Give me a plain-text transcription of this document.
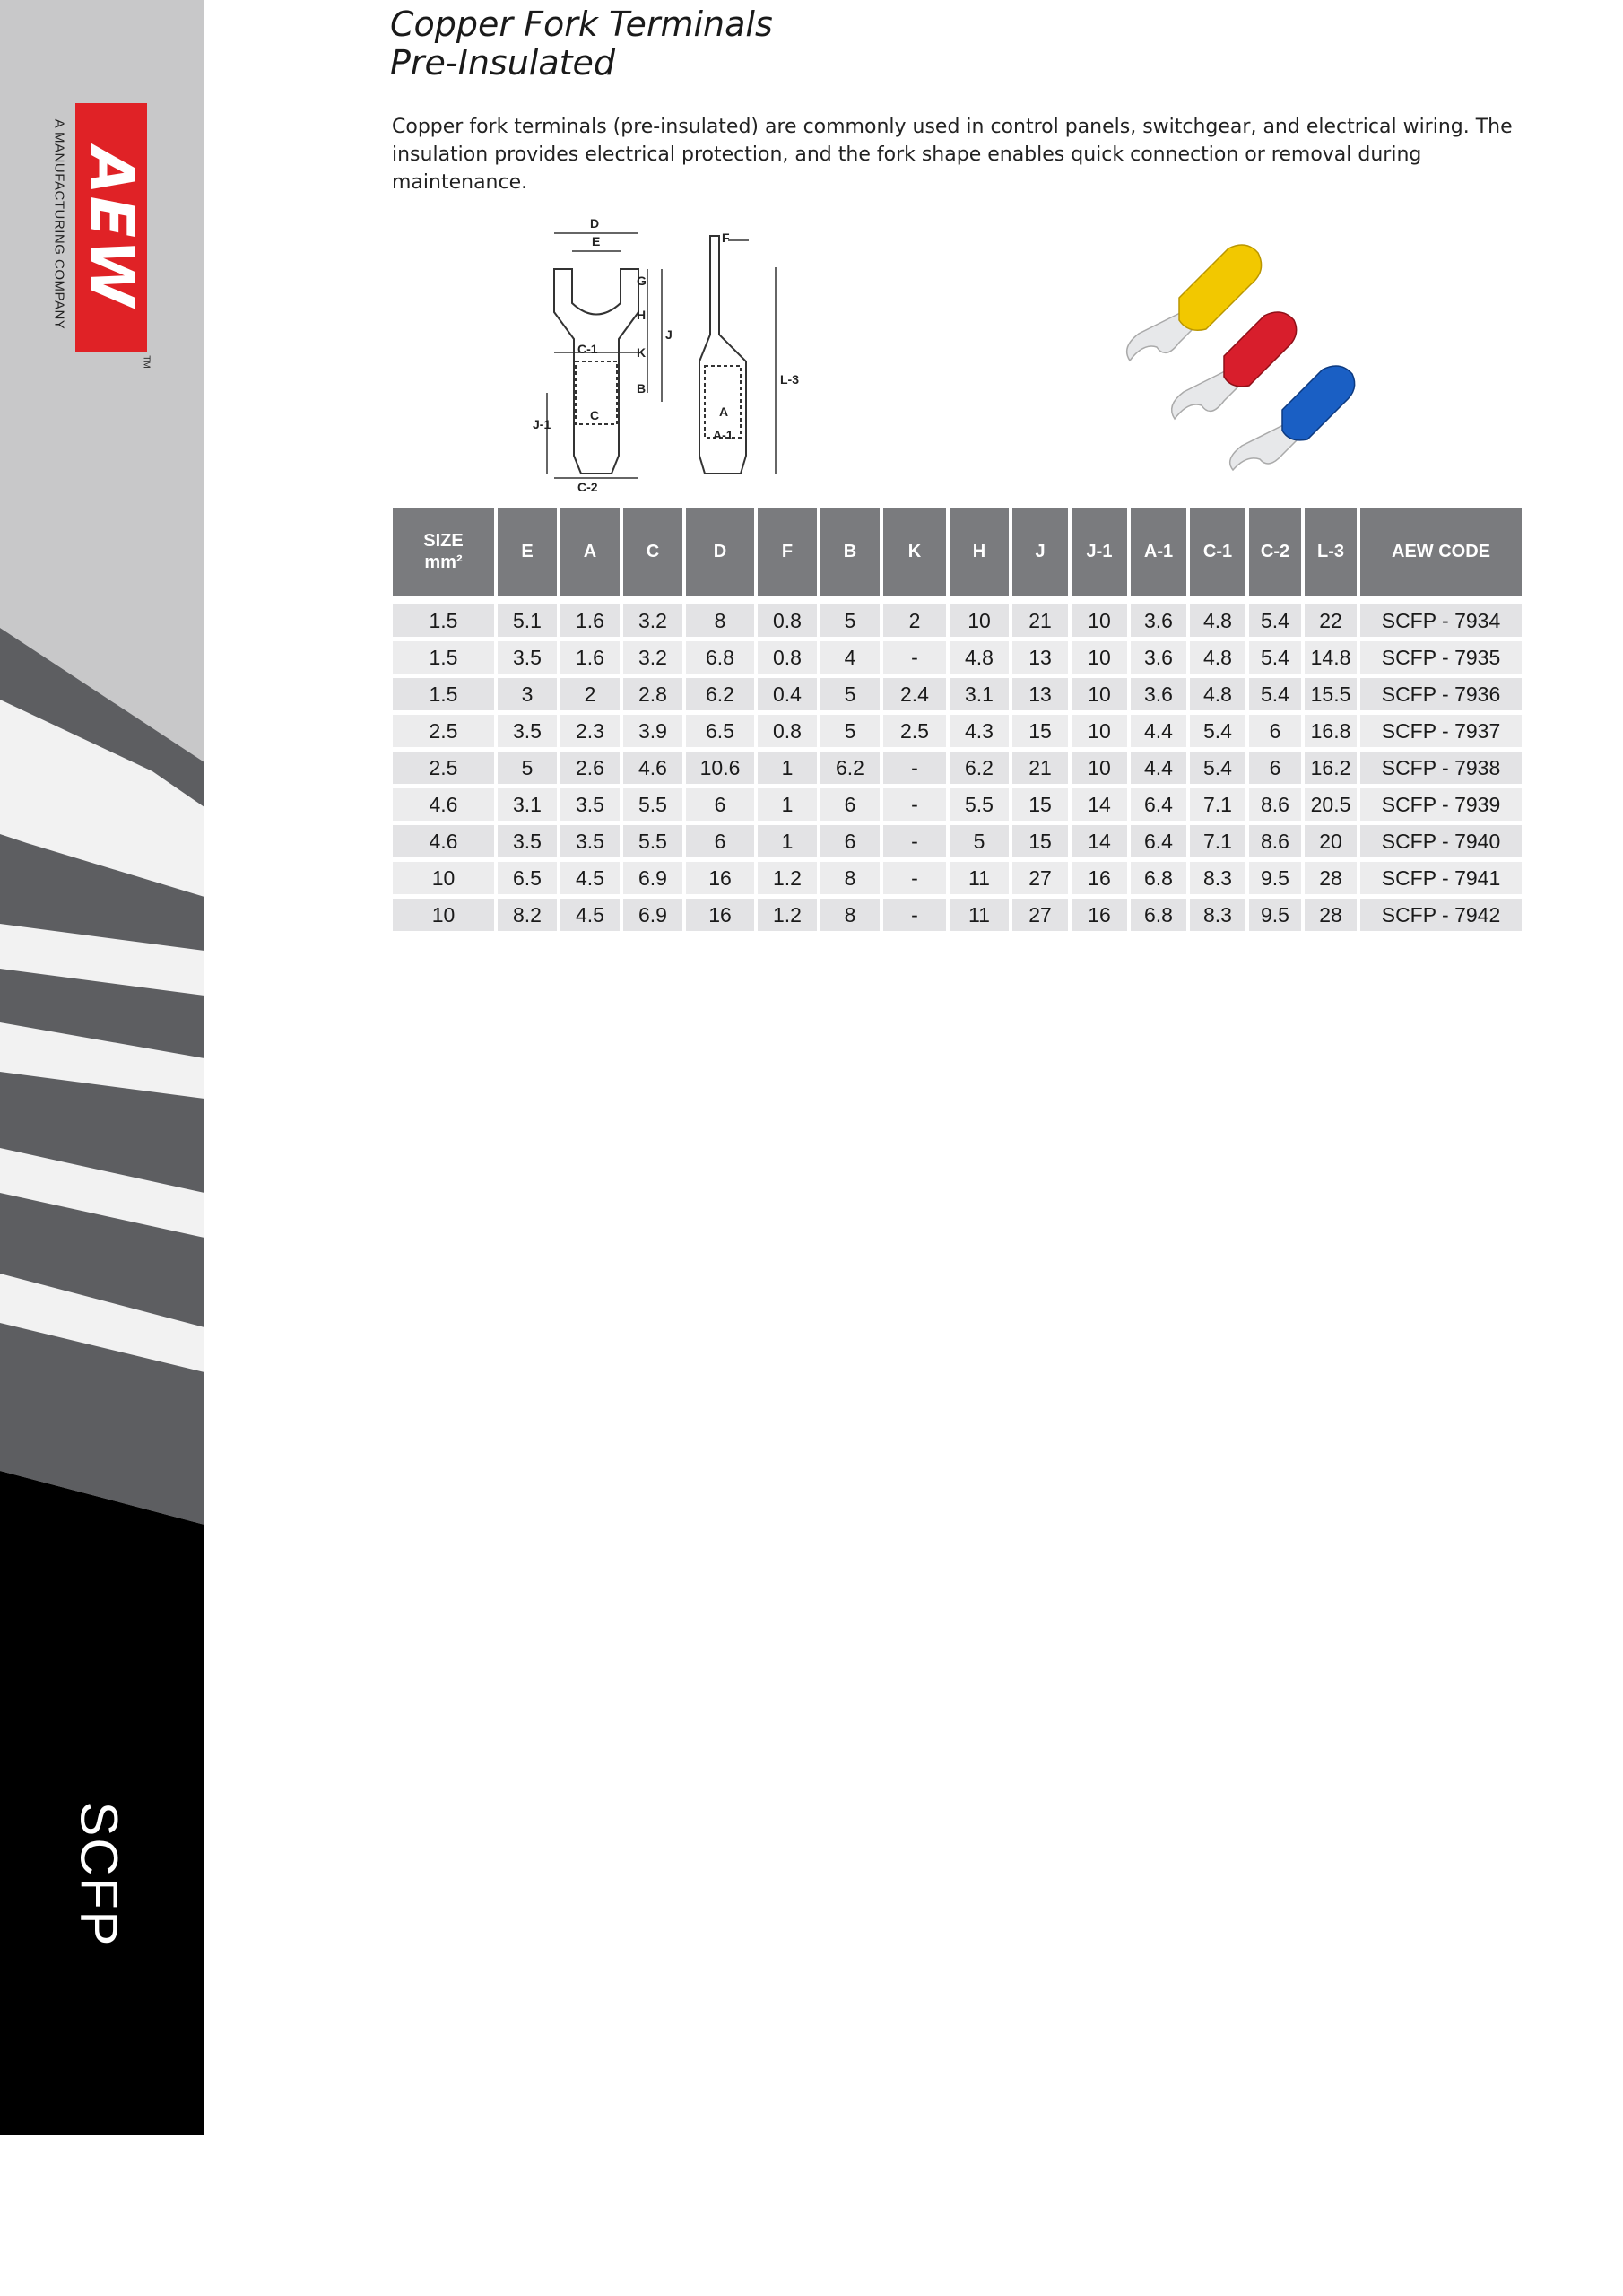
AEW
A MANUFACTURING COMPANY
TM
SCFP
Copper Fork Terminals
Pre-Insulated

Copper fork terminals (pre-insulated) are commonly used in control panels, switchgear, and electrical wiring. The insulation provides electrical protection, and the fork shape enables quick connection or removal during maintenance.

D
E	F
G
H
J
K
C-1
B
J-1
C
C-2
L-3
A
A-1
SIZE
mm²	E	A	C	D	F	B	K	H	J	J-1	A-1	C-1	C-2	L-3	AEW CODE

1.5	5.1	1.6	3.2	8	0.8	5	2	10	21	10	3.6	4.8	5.4	22	SCFP - 7934
1.5	3.5	1.6	3.2	6.8	0.8	4	-	4.8	13	10	3.6	4.8	5.4	14.8	SCFP - 7935
1.5	3	2	2.8	6.2	0.4	5	2.4	3.1	13	10	3.6	4.8	5.4	15.5	SCFP - 7936
2.5	3.5	2.3	3.9	6.5	0.8	5	2.5	4.3	15	10	4.4	5.4	6	16.8	SCFP - 7937
2.5	5	2.6	4.6	10.6	1	6.2	-	6.2	21	10	4.4	5.4	6	16.2	SCFP - 7938
4.6	3.1	3.5	5.5	6	1	6	-	5.5	15	14	6.4	7.1	8.6	20.5	SCFP - 7939
4.6	3.5	3.5	5.5	6	1	6	-	5	15	14	6.4	7.1	8.6	20	SCFP - 7940
10	6.5	4.5	6.9	16	1.2	8	-	11	27	16	6.8	8.3	9.5	28	SCFP - 7941
10	8.2	4.5	6.9	16	1.2	8	-	11	27	16	6.8	8.3	9.5	28	SCFP - 7942
